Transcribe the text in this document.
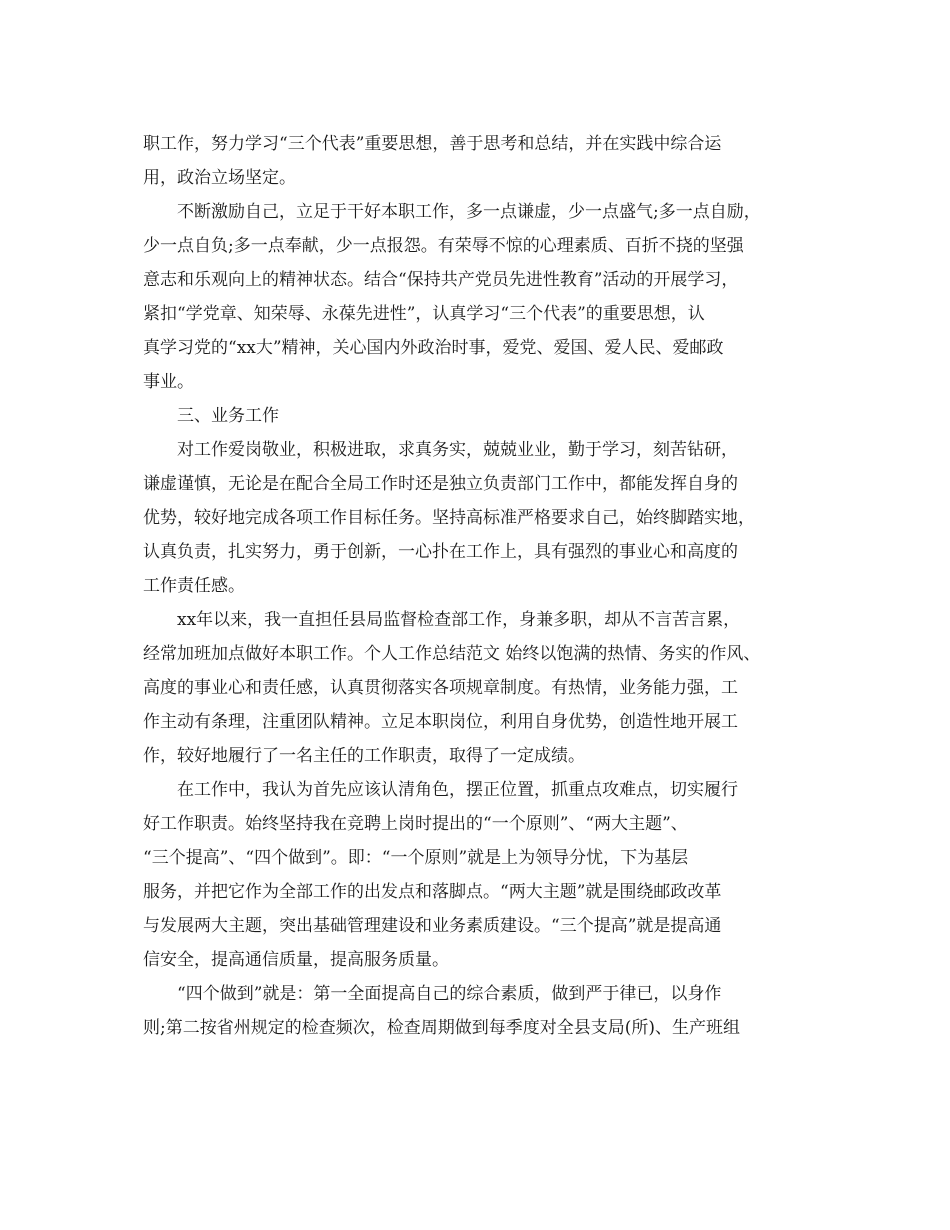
职工作，努力学习“三个代表”重要思想，善于思考和总结，并在实践中综合运
用，政治立场坚定。
　　不断激励自己，立足于干好本职工作，多一点谦虚，少一点盛气;多一点自励，
少一点自负;多一点奉献，少一点报怨。有荣辱不惊的心理素质、百折不挠的坚强
意志和乐观向上的精神状态。结合“保持共产党员先进性教育”活动的开展学习，
紧扣“学党章、知荣辱、永葆先进性”，认真学习“三个代表”的重要思想，认
真学习党的“xx大”精神，关心国内外政治时事，爱党、爱国、爱人民、爱邮政
事业。
　　三、业务工作
　　对工作爱岗敬业，积极进取，求真务实，兢兢业业，勤于学习，刻苦钻研，
谦虚谨慎，无论是在配合全局工作时还是独立负责部门工作中，都能发挥自身的
优势，较好地完成各项工作目标任务。坚持高标准严格要求自己，始终脚踏实地，
认真负责，扎实努力，勇于创新，一心扑在工作上，具有强烈的事业心和高度的
工作责任感。
　　xx年以来，我一直担任县局监督检查部工作，身兼多职，却从不言苦言累，
经常加班加点做好本职工作。个人工作总结范文 始终以饱满的热情、务实的作风、
高度的事业心和责任感，认真贯彻落实各项规章制度。有热情，业务能力强，工
作主动有条理，注重团队精神。立足本职岗位，利用自身优势，创造性地开展工
作，较好地履行了一名主任的工作职责，取得了一定成绩。
　　在工作中，我认为首先应该认清角色，摆正位置，抓重点攻难点，切实履行
好工作职责。始终坚持我在竞聘上岗时提出的“一个原则”、“两大主题”、
“三个提高”、“四个做到”。即：“一个原则”就是上为领导分忧，下为基层
服务，并把它作为全部工作的出发点和落脚点。“两大主题”就是围绕邮政改革
与发展两大主题，突出基础管理建设和业务素质建设。“三个提高”就是提高通
信安全，提高通信质量，提高服务质量。
　　“四个做到”就是：第一全面提高自己的综合素质，做到严于律已，以身作
则;第二按省州规定的检查频次，检查周期做到每季度对全县支局(所)、生产班组
